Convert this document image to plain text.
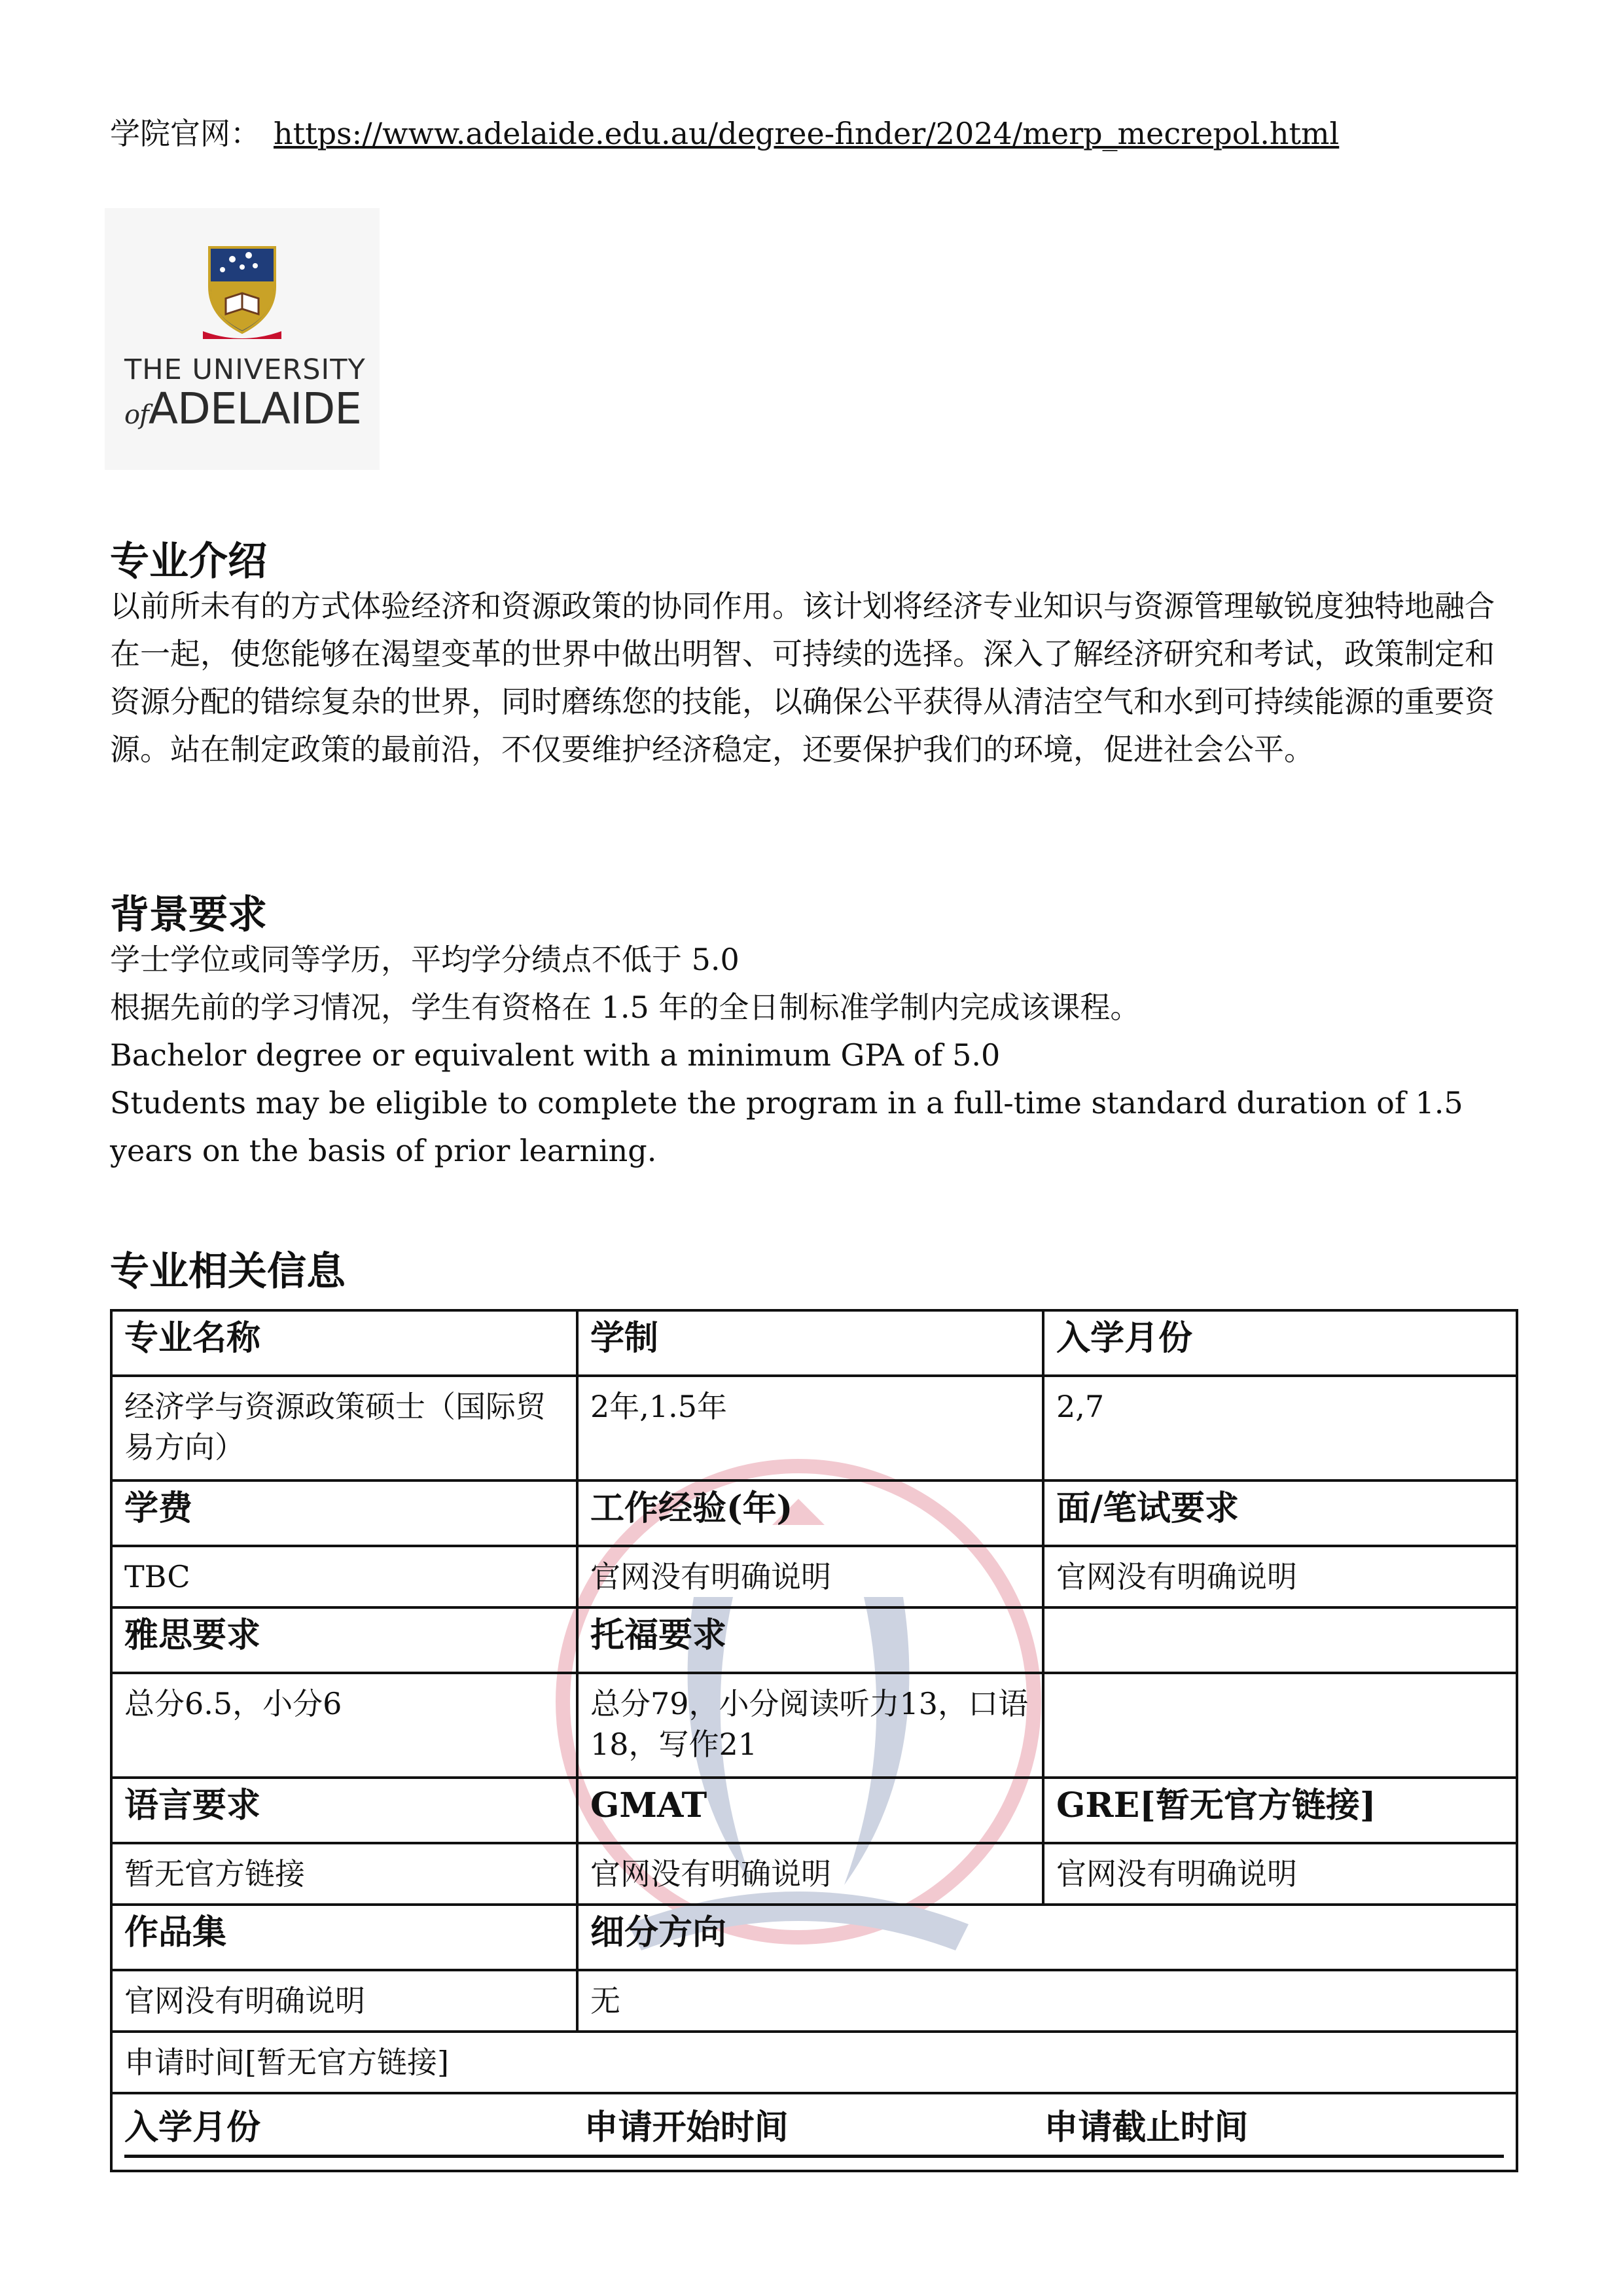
学院官网： https://www.adelaide.edu.au/degree-finder/2024/merp_mecrepol.html
THE UNIVERSITY
ofADELAIDE
专业介绍
以前所未有的方式体验经济和资源政策的协同作用。该计划将经济专业知识与资源管理敏锐度独特地融合在一起，使您能够在渴望变革的世界中做出明智、可持续的选择。深入了解经济研究和考试，政策制定和资源分配的错综复杂的世界，同时磨练您的技能，以确保公平获得从清洁空气和水到可持续能源的重要资源。站在制定政策的最前沿，不仅要维护经济稳定，还要保护我们的环境，促进社会公平。
背景要求
学士学位或同等学历，平均学分绩点不低于 5.0
根据先前的学习情况，学生有资格在 1.5 年的全日制标准学制内完成该课程。
Bachelor degree or equivalent with a minimum GPA of 5.0
Students may be eligible to complete the program in a full-time standard duration of 1.5 years on the basis of prior learning.
专业相关信息
专业名称	学制	入学月份
经济学与资源政策硕士（国际贸易方向）	2年,1.5年	2,7
学费	工作经验(年)	面/笔试要求
TBC	官网没有明确说明	官网没有明确说明
雅思要求	托福要求	
总分6.5，小分6	总分79，小分阅读听力13，口语18，写作21	
语言要求	GMAT	GRE[暂无官方链接]
暂无官方链接	官网没有明确说明	官网没有明确说明
作品集	细分方向	
官网没有明确说明	无	
申请时间[暂无官方链接]		

入学月份 申请开始时间 申请截止时间		
